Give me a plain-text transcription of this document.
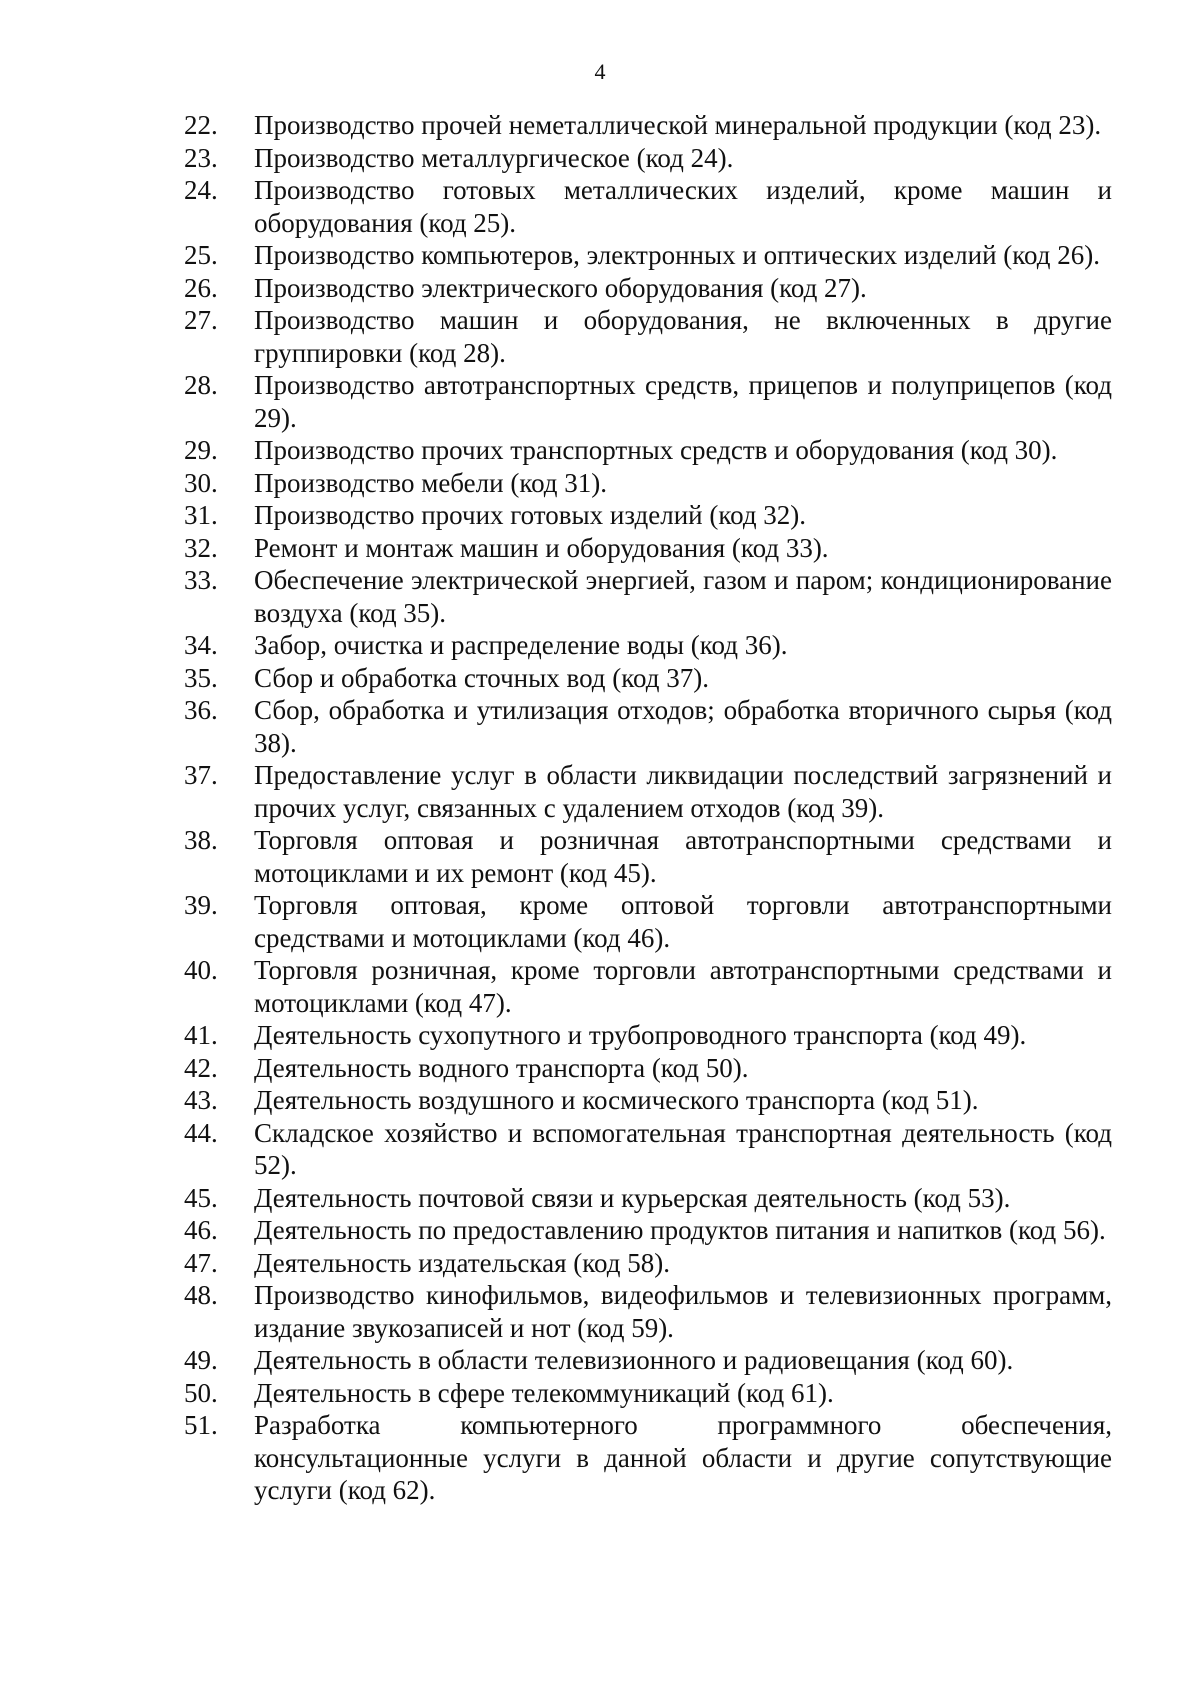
4
22.	Производство прочей неметаллической минеральной продукции (код 23).
23.	Производство металлургическое (код 24).
24.	Производство готовых металлических изделий, кроме машин и оборудования (код 25).
25.	Производство компьютеров, электронных и оптических изделий (код 26).
26.	Производство электрического оборудования (код 27).
27.	Производство машин и оборудования, не включенных в другие группировки (код 28).
28.	Производство автотранспортных средств, прицепов и полуприцепов (код 29).
29.	Производство прочих транспортных средств и оборудования (код 30).
30.	Производство мебели (код 31).
31.	Производство прочих готовых изделий (код 32).
32.	Ремонт и монтаж машин и оборудования (код 33).
33.	Обеспечение электрической энергией, газом и паром; кондиционирование воздуха (код 35).
34.	Забор, очистка и распределение воды (код 36).
35.	Сбор и обработка сточных вод (код 37).
36.	Сбор, обработка и утилизация отходов; обработка вторичного сырья (код 38).
37.	Предоставление услуг в области ликвидации последствий загрязнений и прочих услуг, связанных с удалением отходов (код 39).
38.	Торговля оптовая и розничная автотранспортными средствами и мотоциклами и их ремонт (код 45).
39.	Торговля оптовая, кроме оптовой торговли автотранспортными средствами и мотоциклами (код 46).
40.	Торговля розничная, кроме торговли автотранспортными средствами и мотоциклами (код 47).
41.	Деятельность сухопутного и трубопроводного транспорта (код 49).
42.	Деятельность водного транспорта (код 50).
43.	Деятельность воздушного и космического транспорта (код 51).
44.	Складское хозяйство и вспомогательная транспортная деятельность (код 52).
45.	Деятельность почтовой связи и курьерская деятельность (код 53).
46.	Деятельность по предоставлению продуктов питания и напитков (код 56).
47.	Деятельность издательская (код 58).
48.	Производство кинофильмов, видеофильмов и телевизионных программ, издание звукозаписей и нот (код 59).
49.	Деятельность в области телевизионного и радиовещания (код 60).
50.	Деятельность в сфере телекоммуникаций (код 61).
51.	Разработка компьютерного программного обеспечения, консультационные услуги в данной области и другие сопутствующие услуги (код 62).
